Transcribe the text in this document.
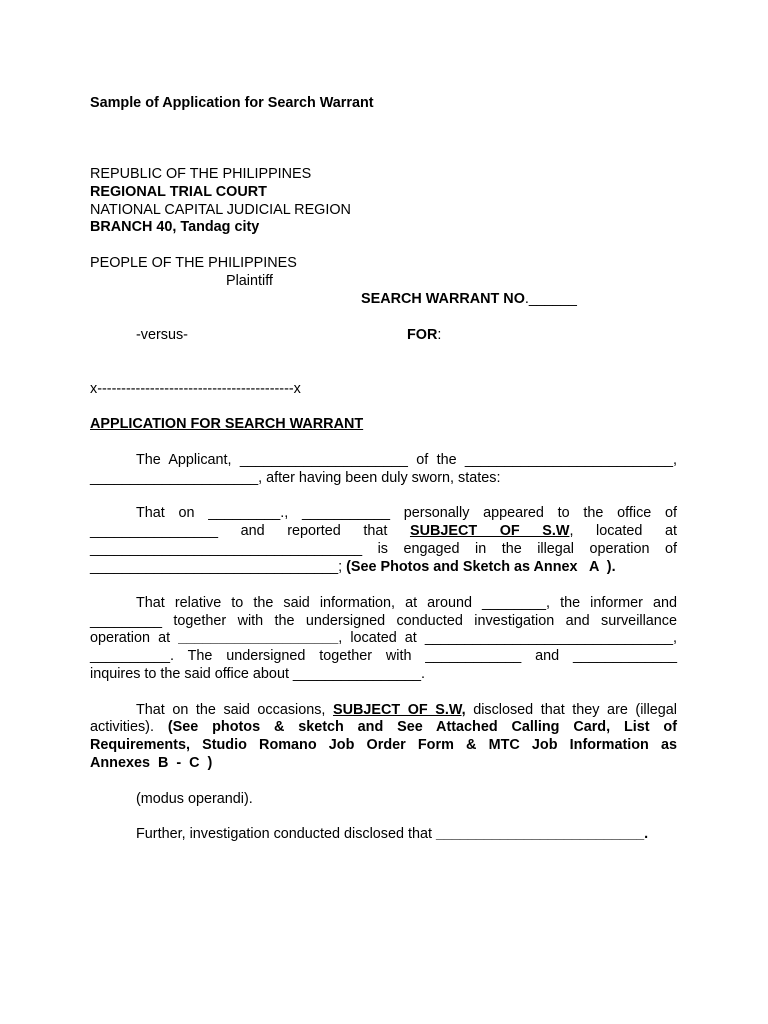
Sample of Application for Search Warrant
REPUBLIC OF THE PHILIPPINES
REGIONAL TRIAL COURT
NATIONAL CAPITAL JUDICIAL REGION
BRANCH 40, Tandag city
PEOPLE OF THE PHILIPPINES
Plaintiff
SEARCH WARRANT NO.______
-versus-	FOR:
x-----------------------------------------x
APPLICATION FOR SEARCH WARRANT
The Applicant, _____________________ of the __________________________,
_____________________, after having been duly sworn, states:
That on _________., ___________ personally appeared to the office of
________________ and reported that SUBJECT OF S.W, located at
__________________________________ is engaged in the illegal operation of
_______________________________; (See Photos and Sketch as Annex   A  ).
That relative to the said information, at around ________, the informer and
_________ together with the undersigned conducted investigation and surveillance
operation at ____________________, located at _______________________________,
__________. The undersigned together with ____________ and _____________
inquires to the said office about ________________.
That on the said occasions, SUBJECT OF S.W, disclosed that they are (illegal
activities). (See photos & sketch and See Attached Calling Card, List of
Requirements, Studio Romano Job Order Form & MTC Job Information as
Annexes  B  -  C  )
(modus operandi).
Further, investigation conducted disclosed that __________________________.
